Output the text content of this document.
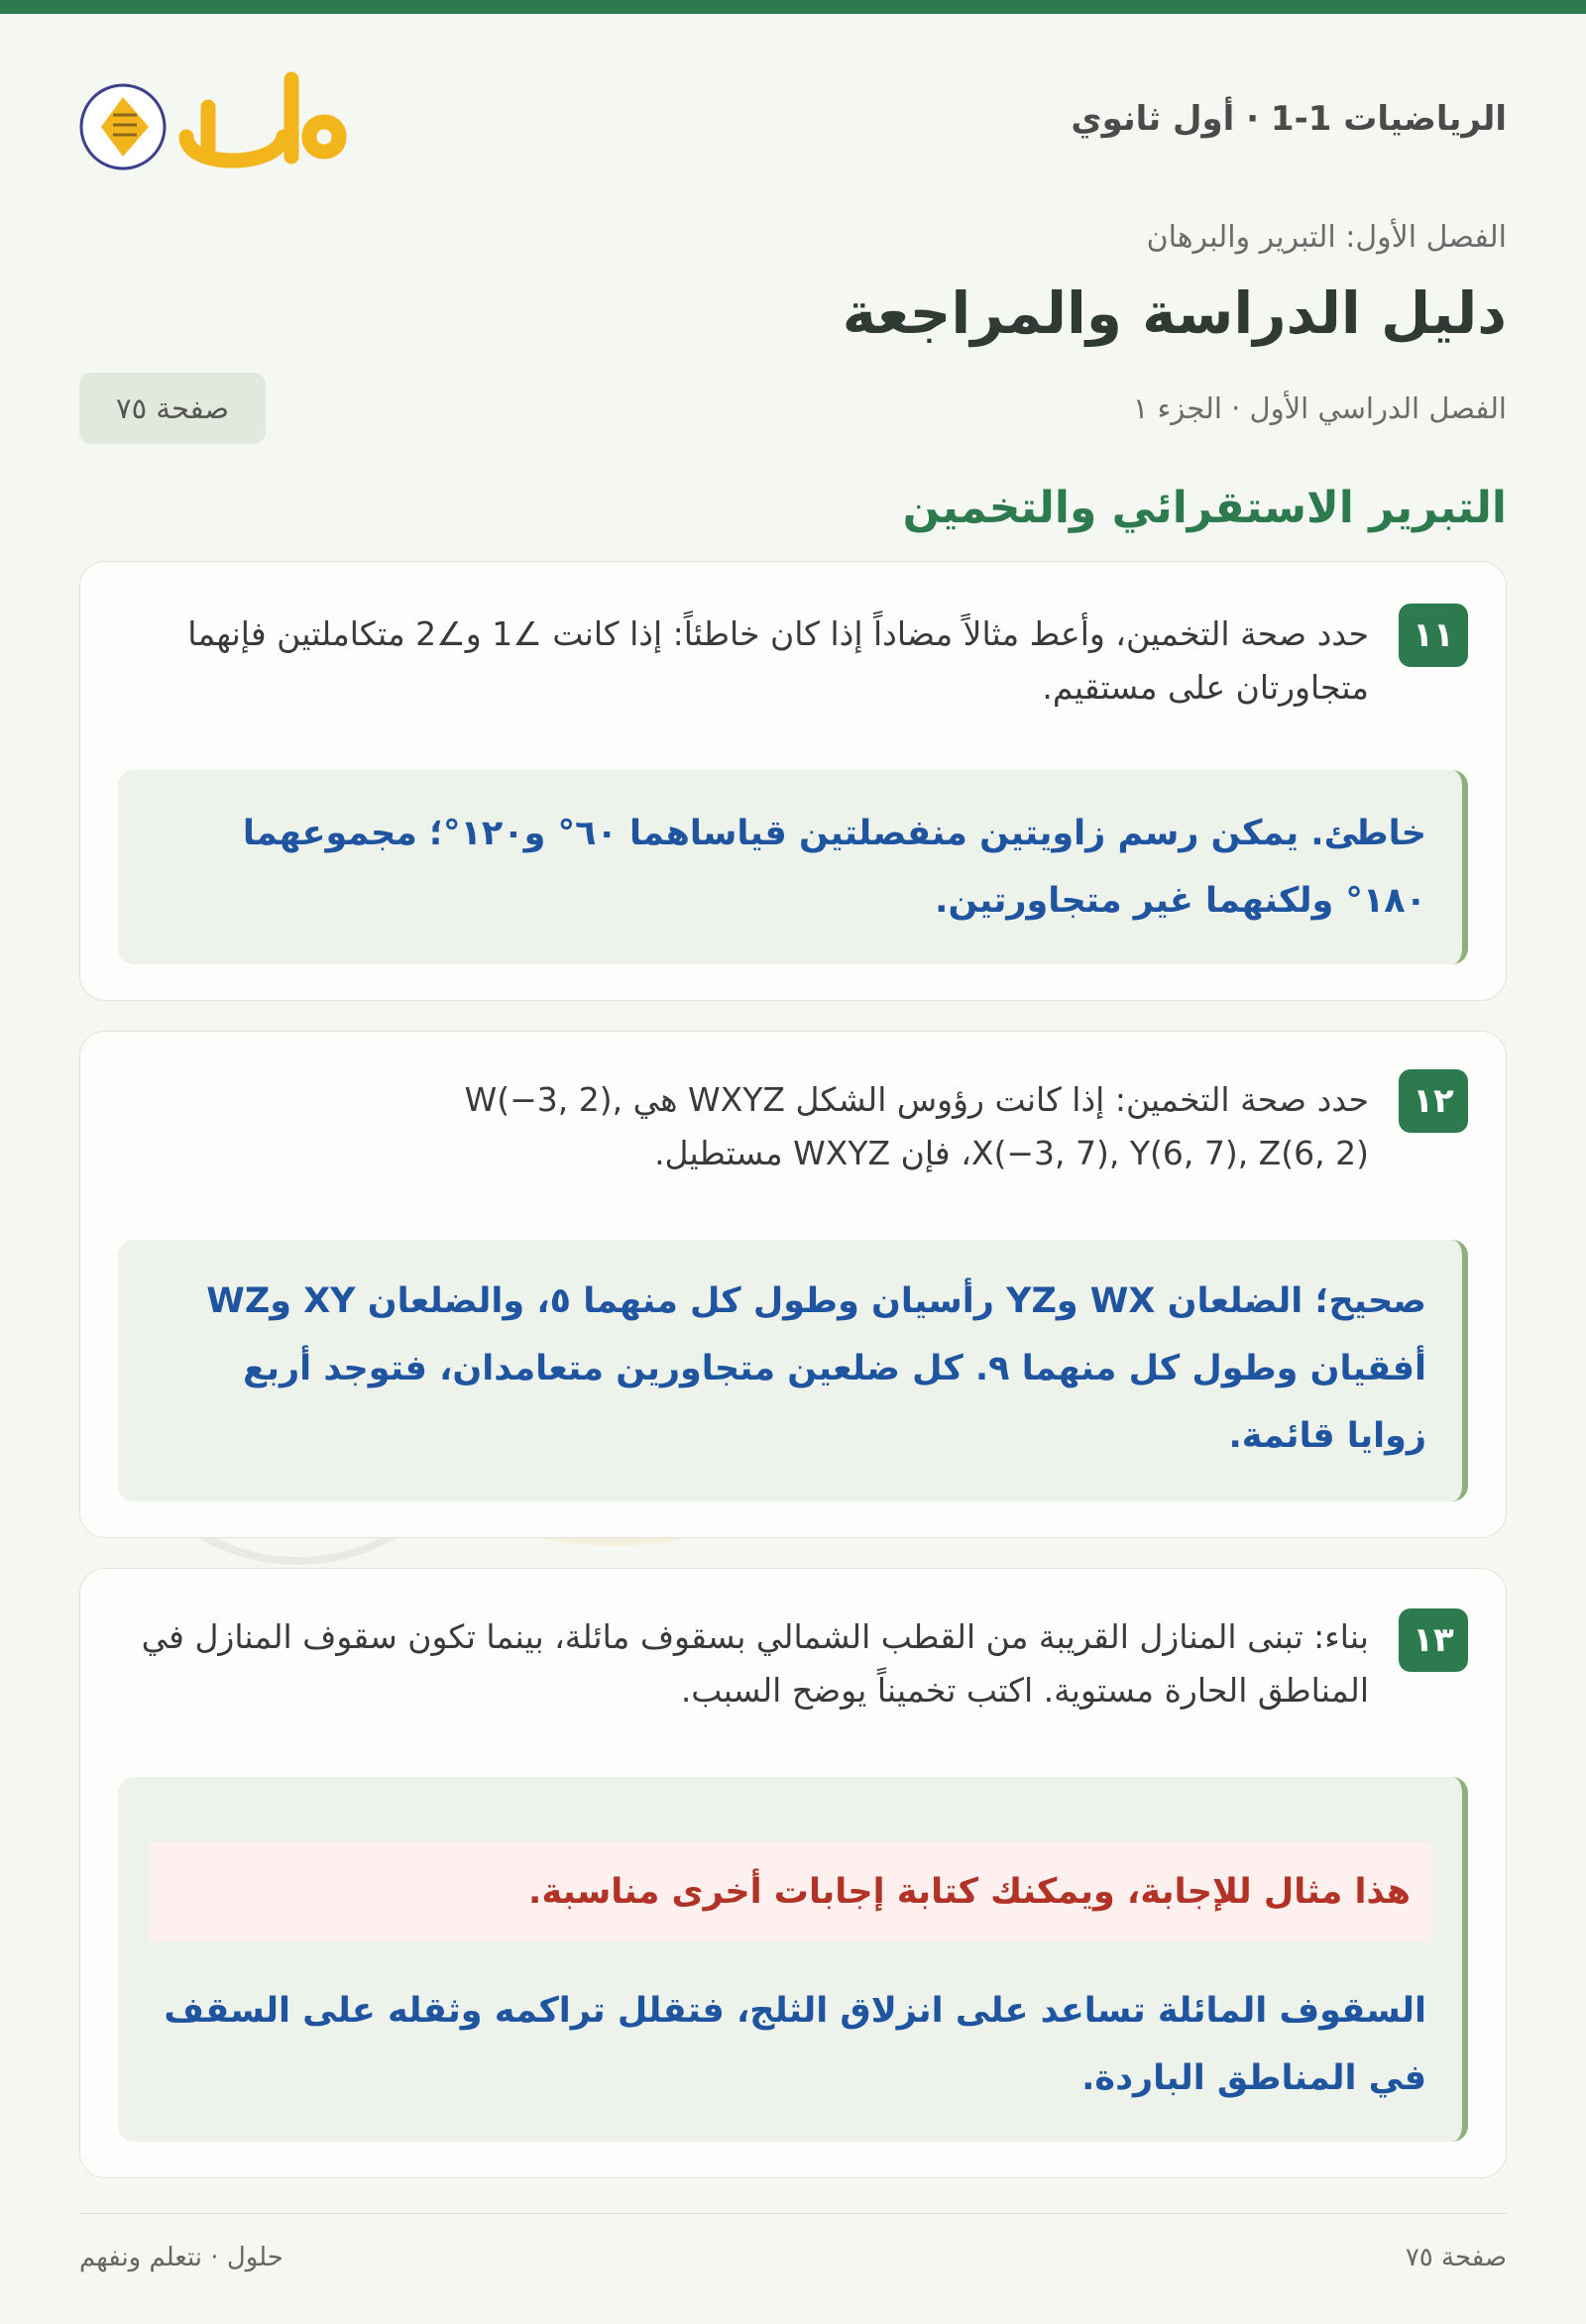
الرياضيات 1-1 · أول ثانوي
الفصل الأول: التبرير والبرهان
دليل الدراسة والمراجعة
الفصل الدراسي الأول · الجزء ١
صفحة ٧٥
التبرير الاستقرائي والتخمين
١١
حدد صحة التخمين، وأعط مثالاً مضاداً إذا كان خاطئاً: إذا كانت ∠1 و∠2 متكاملتين فإنهما متجاورتان على مستقيم.
خاطئ. يمكن رسم زاويتين منفصلتين قياساهما ٦٠° و١٢٠°؛ مجموعهما ١٨٠° ولكنهما غير متجاورتين.
١٢
حدد صحة التخمين: إذا كانت رؤوس الشكل WXYZ هي W(−3, 2), X(−3, 7), Y(6, 7), Z(6, 2)، فإن WXYZ مستطيل.
صحيح؛ الضلعان WX وYZ رأسيان وطول كل منهما ٥، والضلعان XY وWZ أفقيان وطول كل منهما ٩. كل ضلعين متجاورين متعامدان، فتوجد أربع زوايا قائمة.
١٣
بناء: تبنى المنازل القريبة من القطب الشمالي بسقوف مائلة، بينما تكون سقوف المنازل في المناطق الحارة مستوية. اكتب تخميناً يوضح السبب.
هذا مثال للإجابة، ويمكنك كتابة إجابات أخرى مناسبة.
السقوف المائلة تساعد على انزلاق الثلج، فتقلل تراكمه وثقله على السقف في المناطق الباردة.
حلول · نتعلم ونفهم	صفحة ٧٥
